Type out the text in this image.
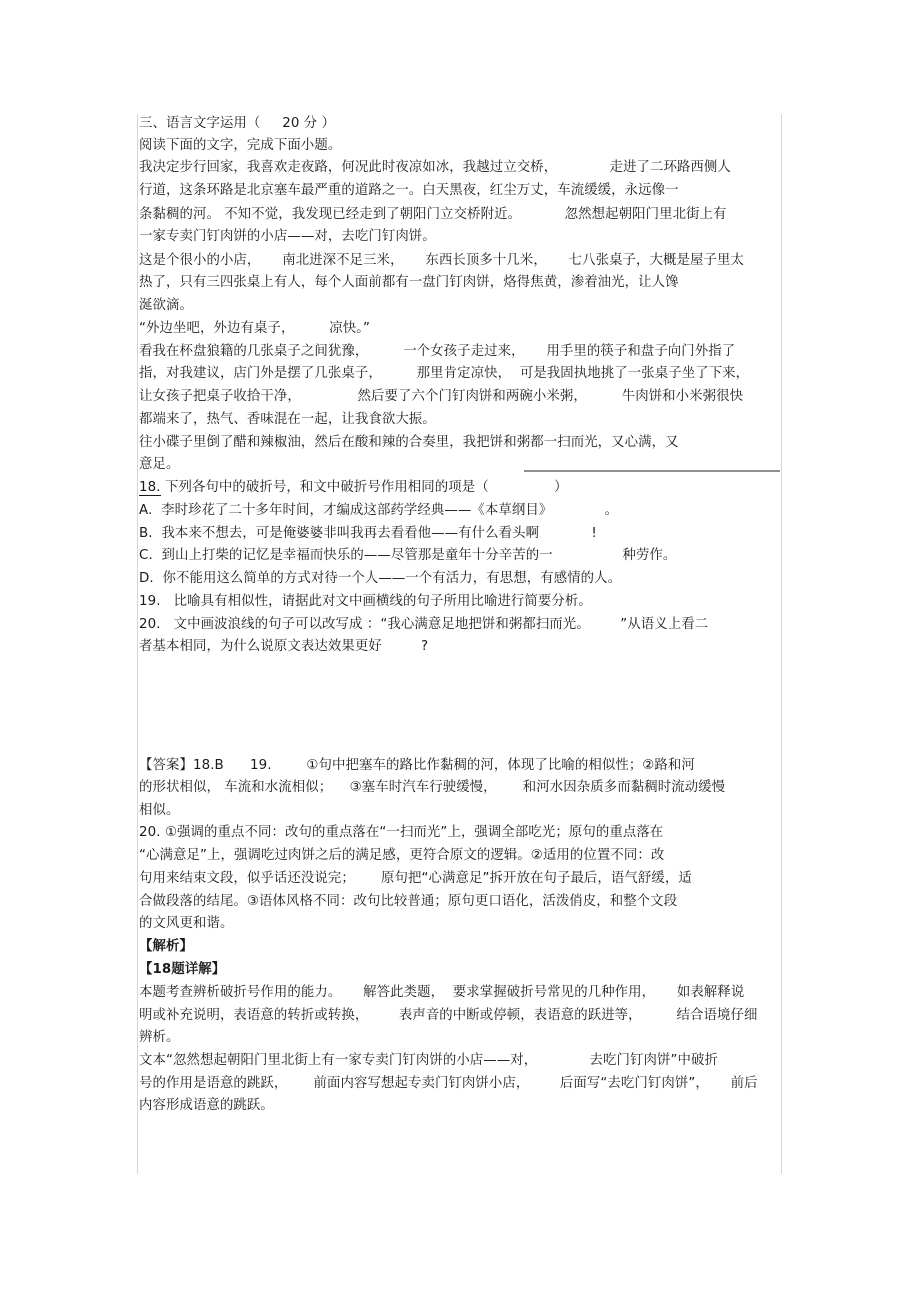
三、语言文字运用（     20 分 ）
阅读下面的文字，完成下面小题。
我决定步行回家，我喜欢走夜路，何况此时夜凉如冰，我越过立交桥，            走进了二环路西侧人
行道，这条环路是北京塞车最严重的道路之一。白天黑夜，红尘万丈，车流缓缓，永远像一
条黏稠的河。 不知不觉，我发现已经走到了朝阳门立交桥附近。          忽然想起朝阳门里北街上有
一家专卖门钉肉饼的小店——对，去吃门钉肉饼。
这是个很小的小店，     南北进深不足三米，     东西长顶多十几米，     七八张桌子，大概是屋子里太
热了，只有三四张桌上有人，每个人面前都有一盘门钉肉饼，烙得焦黄，渗着油光，让人馋
涎欲滴。
“外边坐吧，外边有桌子，        凉快。”
看我在杯盘狼籍的几张桌子之间犹豫，        一个女孩子走过来，     用手里的筷子和盘子向门外指了
指，对我建议，店门外是摆了几张桌子，        那里肯定凉快，  可是我固执地挑了一张桌子坐了下来，
让女孩子把桌子收拾干净，             然后要了六个门钉肉饼和两碗小米粥，        牛肉饼和小米粥很快
都端来了，热气、香味混在一起，让我食欲大振。
往小碟子里倒了醋和辣椒油，然后在酸和辣的合奏里，我把饼和粥都一扫而光，又心满，又
意足。
18. 下列各句中的破折号，和文中破折号作用相同的项是（               ）
A.  李时珍花了二十多年时间，才编成这部药学经典——《本草纲目》            。
B.  我本来不想去，可是俺婆婆非叫我再去看看他——有什么看头啊            !
C.  到山上打柴的记忆是幸福而快乐的——尽管那是童年十分辛苦的一                种劳作。
D.  你不能用这么简单的方式对待一个人——一个有活力，有思想，有感情的人。
19.   比喻具有相似性，请据此对文中画横线的句子所用比喻进行简要分析。
20.   文中画波浪线的句子可以改写成 ：“我心满意足地把饼和粥都扫而光。       ”从语义上看二
者基本相同，为什么说原文表达效果更好         ?
【答案】18.B      19.        ①句中把塞车的路比作黏稠的河，体现了比喻的相似性；②路和河
的形状相似， 车流和水流相似；    ③塞车时汽车行驶缓慢，      和河水因杂质多而黏稠时流动缓慢
相似。
20. ①强调的重点不同：改句的重点落在“一扫而光”上，强调全部吃光；原句的重点落在
“心满意足”上，强调吃过肉饼之后的满足感，更符合原文的逻辑。②适用的位置不同：改
句用来结束文段，似乎话还没说完；      原句把“心满意足”拆开放在句子最后，语气舒缓，适
合做段落的结尾。③语体风格不同：改句比较普通；原句更口语化，活泼俏皮，和整个文段
的文风更和谐。
【解析】
【18题详解】
本题考查辨析破折号作用的能力。     解答此类题，  要求掌握破折号常见的几种作用，     如表解释说
明或补充说明，表语意的转折或转换，       表声音的中断或停顿，表语意的跃进等，        结合语境仔细
辨析。
文本“忽然想起朝阳门里北街上有一家专卖门钉肉饼的小店——对，            去吃门钉肉饼”中破折
号的作用是语意的跳跃，      前面内容写想起专卖门钉肉饼小店，       后面写“去吃门钉肉饼”，     前后
内容形成语意的跳跃。
